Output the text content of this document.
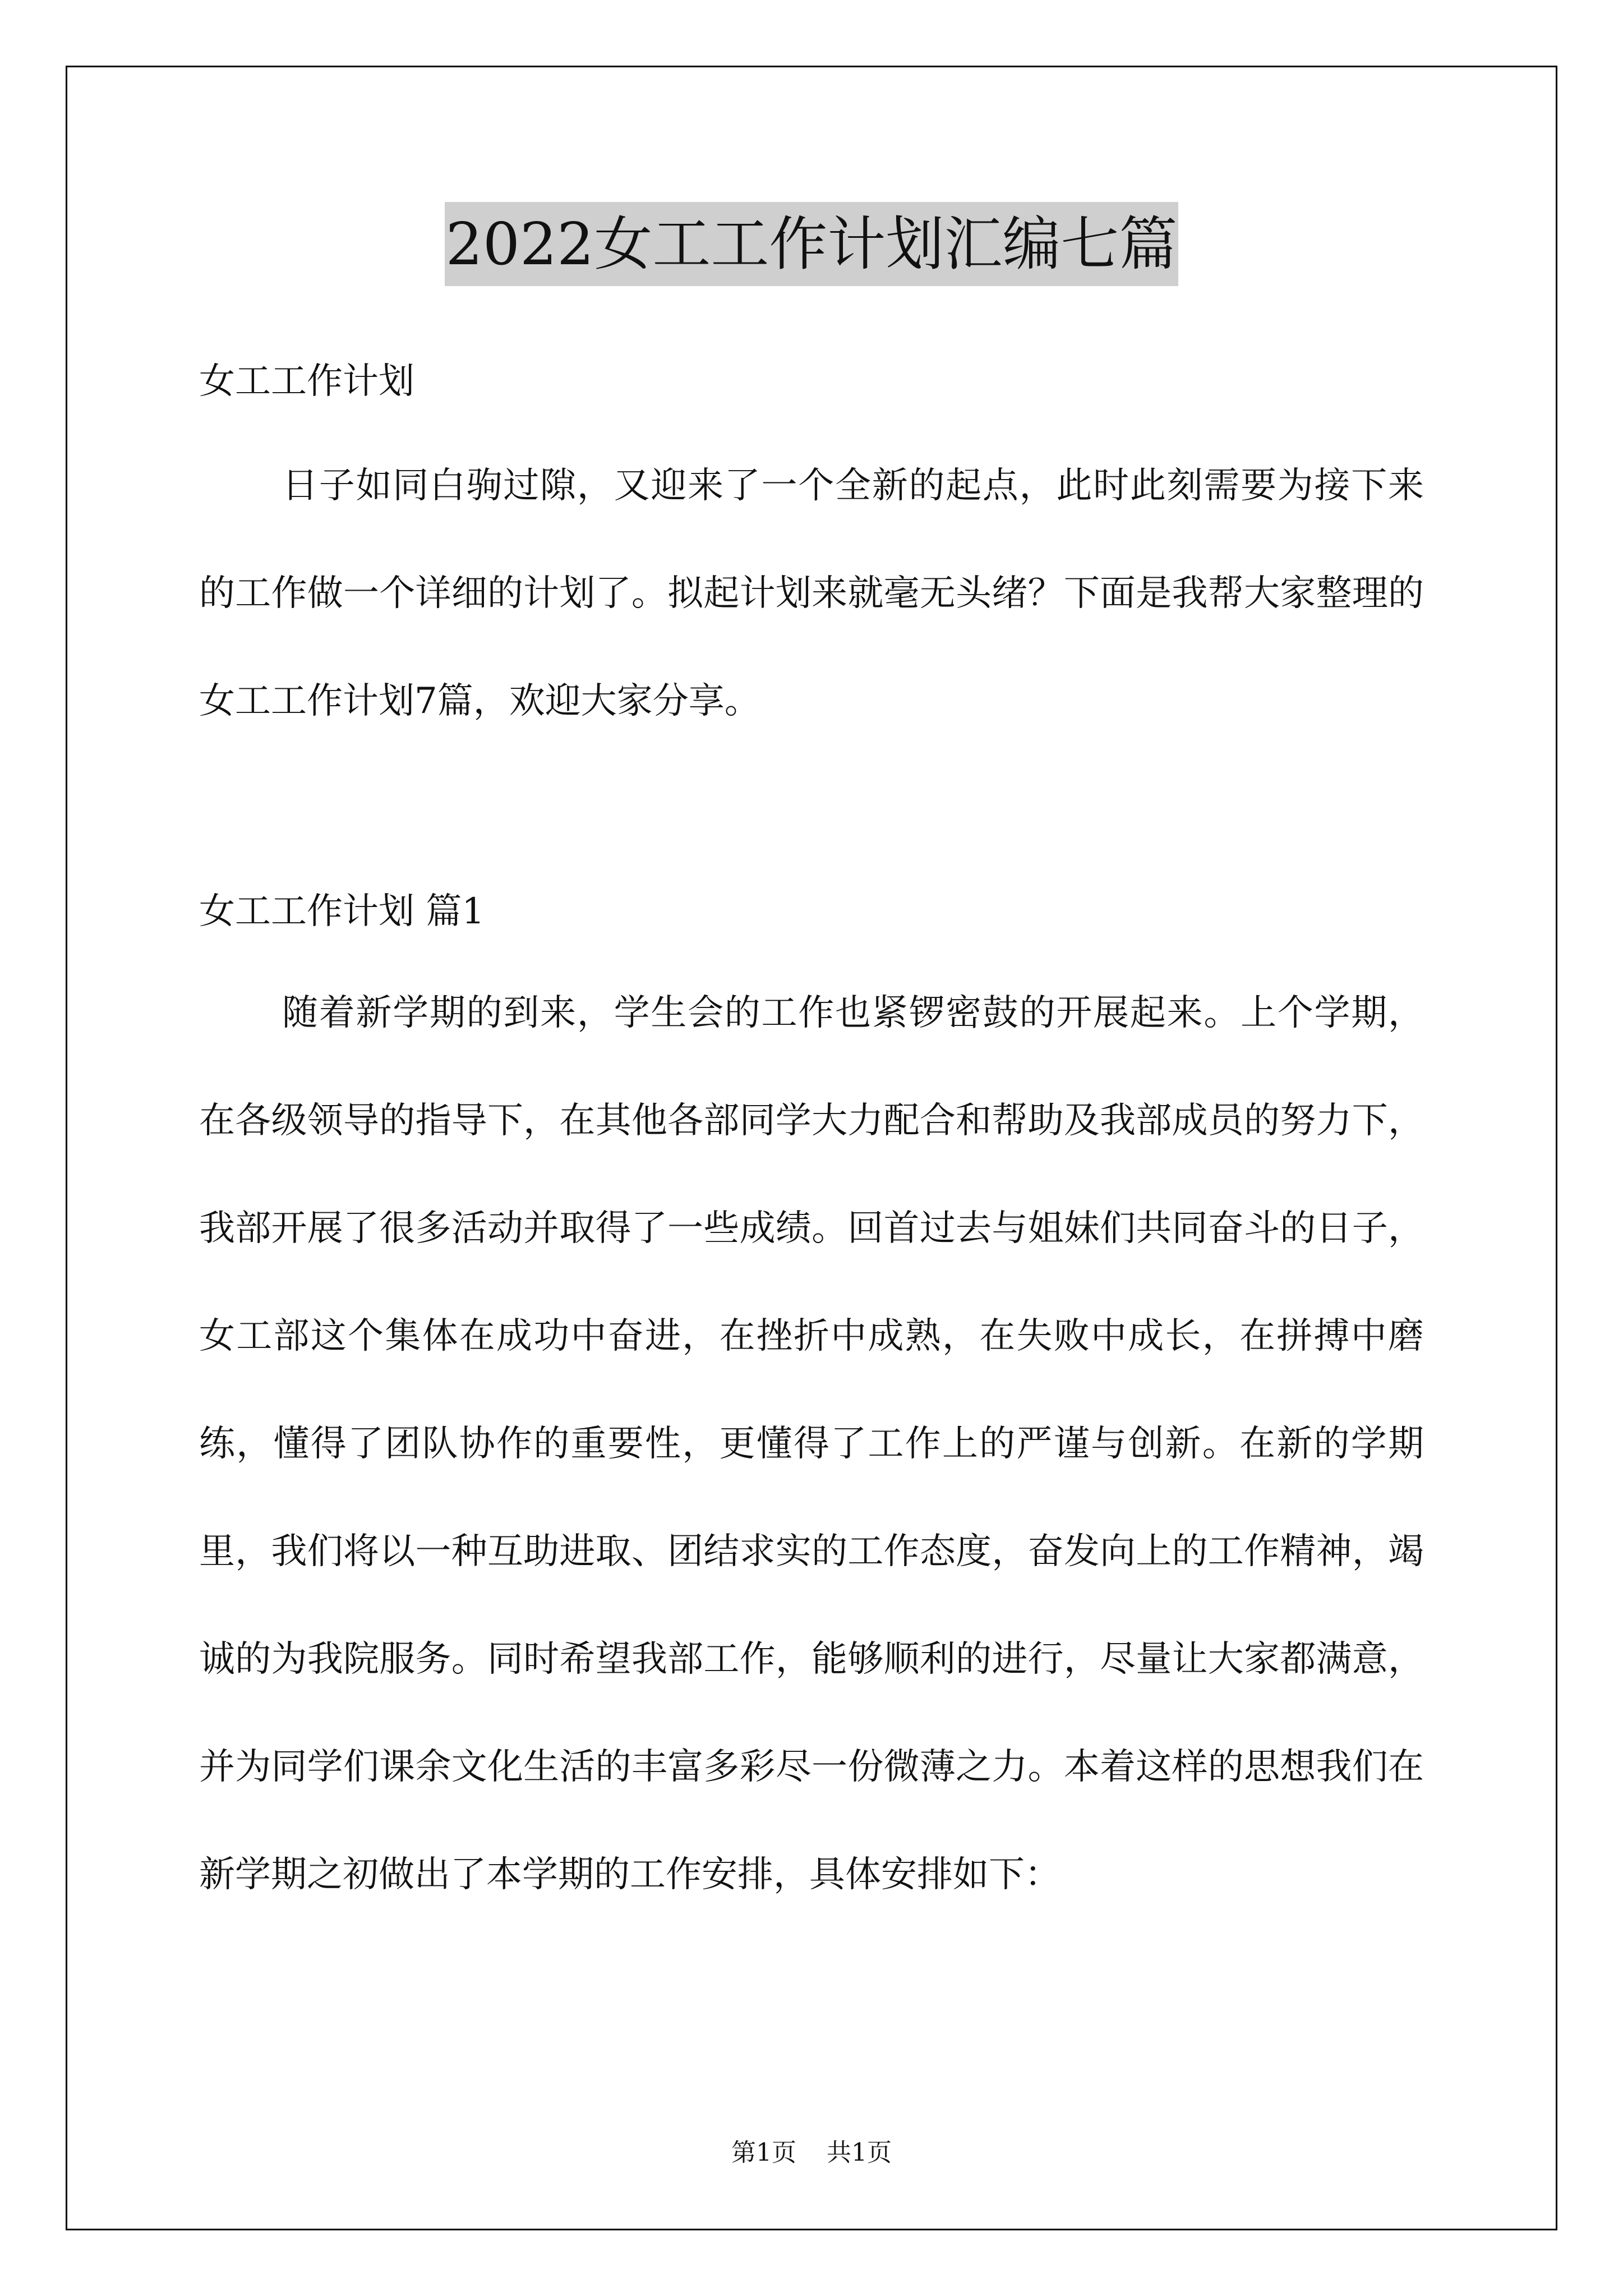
2022女工工作计划汇编七篇
女工工作计划

日子如同白驹过隙，又迎来了一个全新的起点，此时此刻需要为接下来的工作做一个详细的计划了。拟起计划来就毫无头绪？下面是我帮大家整理的女工工作计划7篇，欢迎大家分享。

女工工作计划 篇1

随着新学期的到来，学生会的工作也紧锣密鼓的开展起来。上个学期，在各级领导的指导下，在其他各部同学大力配合和帮助及我部成员的努力下，我部开展了很多活动并取得了一些成绩。回首过去与姐妹们共同奋斗的日子，女工部这个集体在成功中奋进，在挫折中成熟，在失败中成长，在拼搏中磨练，懂得了团队协作的重要性，更懂得了工作上的严谨与创新。在新的学期里，我们将以一种互助进取、团结求实的工作态度，奋发向上的工作精神，竭诚的为我院服务。同时希望我部工作，能够顺利的进行，尽量让大家都满意，并为同学们课余文化生活的丰富多彩尽一份微薄之力。本着这样的思想我们在新学期之初做出了本学期的工作安排，具体安排如下：

第1页 共1页
